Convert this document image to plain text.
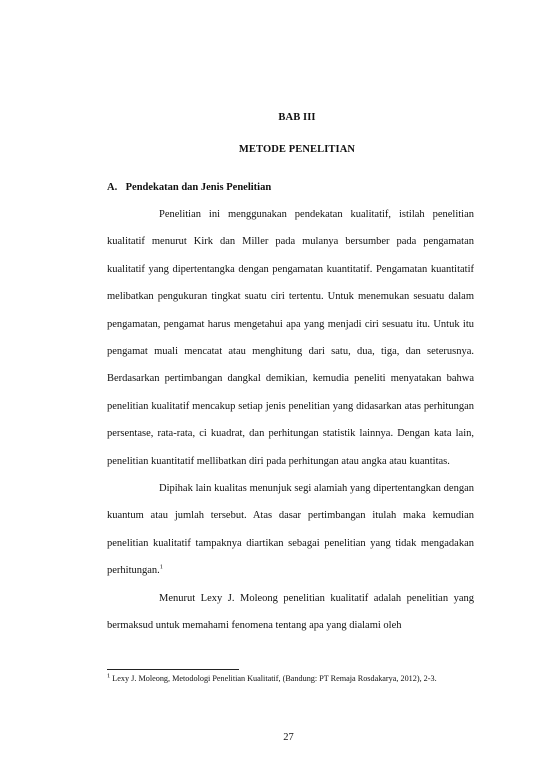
BAB III
METODE PENELITIAN
A. Pendekatan dan Jenis Penelitian

Penelitian ini menggunakan pendekatan kualitatif, istilah penelitian kualitatif menurut Kirk dan Miller pada mulanya bersumber pada pengamatan kualitatif yang dipertentangka dengan pengamatan kuantitatif. Pengamatan kuantitatif melibatkan pengukuran tingkat suatu ciri tertentu. Untuk menemukan sesuatu dalam pengamatan, pengamat harus mengetahui apa yang menjadi ciri sesuatu itu. Untuk itu pengamat muali mencatat atau menghitung dari satu, dua, tiga, dan seterusnya. Berdasarkan pertimbangan dangkal demikian, kemudia peneliti menyatakan bahwa penelitian kualitatif mencakup setiap jenis penelitian yang didasarkan atas perhitungan persentase, rata-rata, ci kuadrat, dan perhitungan statistik lainnya. Dengan kata lain, penelitian kuantitatif mellibatkan diri pada perhitungan atau angka atau kuantitas.

Dipihak lain kualitas menunjuk segi alamiah yang dipertentangkan dengan kuantum atau jumlah tersebut. Atas dasar pertimbangan itulah maka kemudian penelitian kualitatif tampaknya diartikan sebagai penelitian yang tidak mengadakan perhitungan.$^1$

Menurut Lexy J. Moleong penelitian kualitatif adalah penelitian yang bermaksud untuk memahami fenomena tentang apa yang dialami oleh

$^1$ Lexy J. Moleong, Metodologi Penelitian Kualitatif, (Bandung: PT Remaja Rosdakarya, 2012), 2-3.
27
